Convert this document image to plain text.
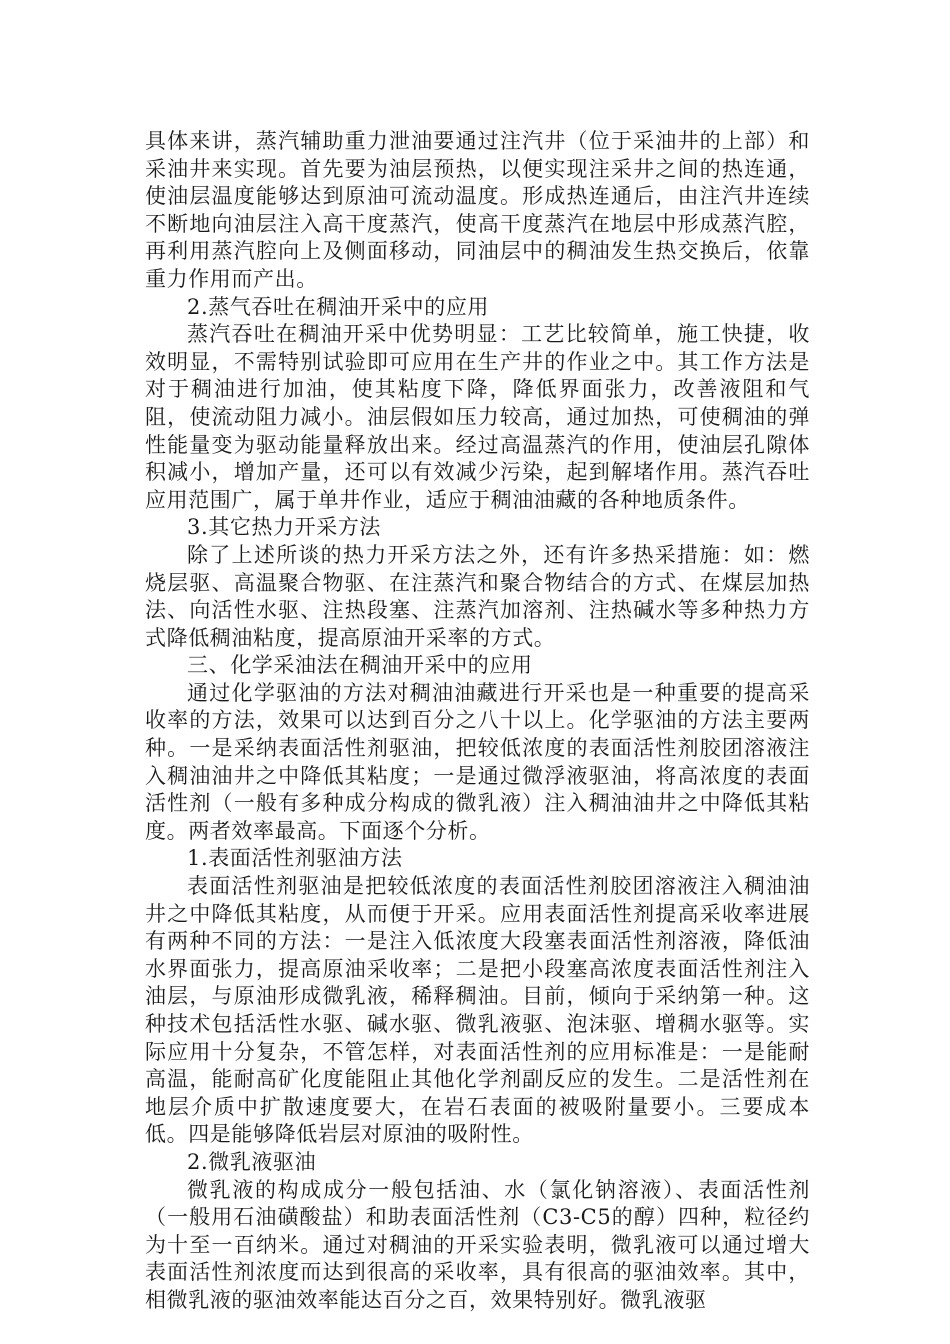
具体来讲，蒸汽辅助重力泄油要通过注汽井（位于采油井的上部）和采油井来实现。首先要为油层预热，以便实现注采井之间的热连通，使油层温度能够达到原油可流动温度。形成热连通后，由注汽井连续不断地向油层注入高干度蒸汽，使高干度蒸汽在地层中形成蒸汽腔，再利用蒸汽腔向上及侧面移动，同油层中的稠油发生热交换后，依靠重力作用而产出。

2.蒸气吞吐在稠油开采中的应用

蒸汽吞吐在稠油开采中优势明显：工艺比较简单，施工快捷，收效明显，不需特别试验即可应用在生产井的作业之中。其工作方法是对于稠油进行加油，使其粘度下降，降低界面张力，改善液阻和气阻，使流动阻力减小。油层假如压力较高，通过加热，可使稠油的弹性能量变为驱动能量释放出来。经过高温蒸汽的作用，使油层孔隙体积减小，增加产量，还可以有效减少污染，起到解堵作用。蒸汽吞吐应用范围广，属于单井作业，适应于稠油油藏的各种地质条件。

3.其它热力开采方法

除了上述所谈的热力开采方法之外，还有许多热采措施：如：燃烧层驱、高温聚合物驱、在注蒸汽和聚合物结合的方式、在煤层加热法、向活性水驱、注热段塞、注蒸汽加溶剂、注热碱水等多种热力方式降低稠油粘度，提高原油开采率的方式。

三、化学采油法在稠油开采中的应用

通过化学驱油的方法对稠油油藏进行开采也是一种重要的提高采收率的方法，效果可以达到百分之八十以上。化学驱油的方法主要两种。一是采纳表面活性剂驱油，把较低浓度的表面活性剂胶团溶液注入稠油油井之中降低其粘度；一是通过微浮液驱油，将高浓度的表面活性剂（一般有多种成分构成的微乳液）注入稠油油井之中降低其粘度。两者效率最高。下面逐个分析。

1.表面活性剂驱油方法

表面活性剂驱油是把较低浓度的表面活性剂胶团溶液注入稠油油井之中降低其粘度，从而便于开采。应用表面活性剂提高采收率进展有两种不同的方法：一是注入低浓度大段塞表面活性剂溶液，降低油水界面张力，提高原油采收率；二是把小段塞高浓度表面活性剂注入油层，与原油形成微乳液，稀释稠油。目前，倾向于采纳第一种。这种技术包括活性水驱、碱水驱、微乳液驱、泡沫驱、增稠水驱等。实际应用十分复杂，不管怎样，对表面活性剂的应用标准是：一是能耐高温，能耐高矿化度能阻止其他化学剂副反应的发生。二是活性剂在地层介质中扩散速度要大，在岩石表面的被吸附量要小。三要成本低。四是能够降低岩层对原油的吸附性。

2.微乳液驱油

微乳液的构成成分一般包括油、水（氯化钠溶液）、表面活性剂（一般用石油磺酸盐）和助表面活性剂（C3-C5的醇）四种，粒径约为十至一百纳米。通过对稠油的开采实验表明，微乳液可以通过增大表面活性剂浓度而达到很高的采收率，具有很高的驱油效率。其中，相微乳液的驱油效率能达百分之百，效果特别好。微乳液驱
